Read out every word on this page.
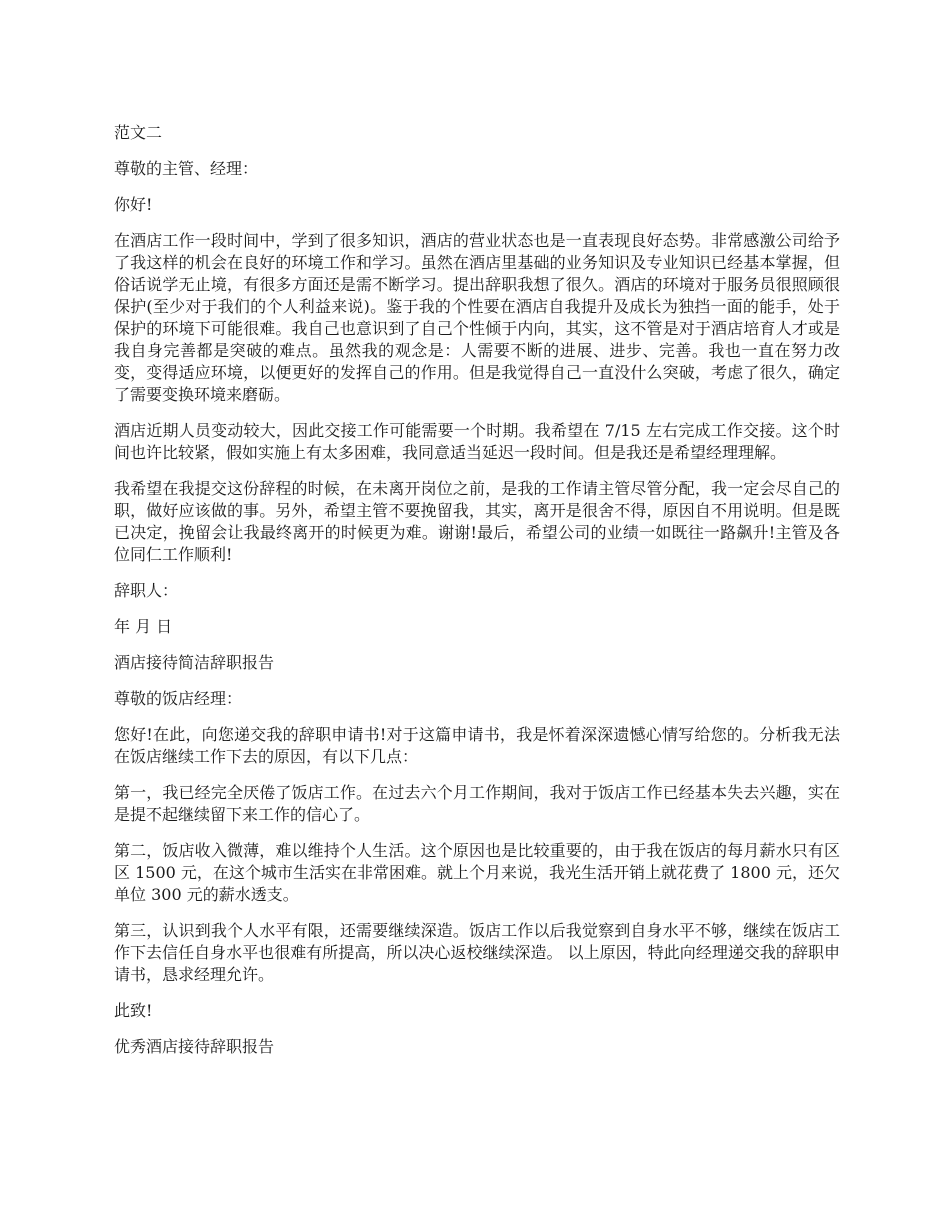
范文二

尊敬的主管、经理：

你好!

在酒店工作一段时间中，学到了很多知识，酒店的营业状态也是一直表现良好态势。非常感激公司给予了我这样的机会在良好的环境工作和学习。虽然在酒店里基础的业务知识及专业知识已经基本掌握，但俗话说学无止境，有很多方面还是需不断学习。提出辞职我想了很久。酒店的环境对于服务员很照顾很保护(至少对于我们的个人利益来说)。鉴于我的个性要在酒店自我提升及成长为独挡一面的能手，处于保护的环境下可能很难。我自己也意识到了自己个性倾于内向，其实，这不管是对于酒店培育人才或是我自身完善都是突破的难点。虽然我的观念是：人需要不断的进展、进步、完善。我也一直在努力改变，变得适应环境，以便更好的发挥自己的作用。但是我觉得自己一直没什么突破，考虑了很久，确定了需要变换环境来磨砺。

酒店近期人员变动较大，因此交接工作可能需要一个时期。我希望在 7/15 左右完成工作交接。这个时间也许比较紧，假如实施上有太多困难，我同意适当延迟一段时间。但是我还是希望经理理解。

我希望在我提交这份辞程的时候，在未离开岗位之前，是我的工作请主管尽管分配，我一定会尽自己的职，做好应该做的事。另外，希望主管不要挽留我，其实，离开是很舍不得，原因自不用说明。但是既已决定，挽留会让我最终离开的时候更为难。谢谢!最后，希望公司的业绩一如既往一路飙升!主管及各位同仁工作顺利!

辞职人：

年 月 日

酒店接待简洁辞职报告

尊敬的饭店经理：

您好!在此，向您递交我的辞职申请书!对于这篇申请书，我是怀着深深遗憾心情写给您的。分析我无法在饭店继续工作下去的原因，有以下几点：

第一，我已经完全厌倦了饭店工作。在过去六个月工作期间，我对于饭店工作已经基本失去兴趣，实在是提不起继续留下来工作的信心了。

第二，饭店收入微薄，难以维持个人生活。这个原因也是比较重要的，由于我在饭店的每月薪水只有区区 1500 元，在这个城市生活实在非常困难。就上个月来说，我光生活开销上就花费了 1800 元，还欠单位 300 元的薪水透支。

第三，认识到我个人水平有限，还需要继续深造。饭店工作以后我觉察到自身水平不够，继续在饭店工作下去信任自身水平也很难有所提高，所以决心返校继续深造。 以上原因，特此向经理递交我的辞职申请书，恳求经理允许。

此致!

优秀酒店接待辞职报告
